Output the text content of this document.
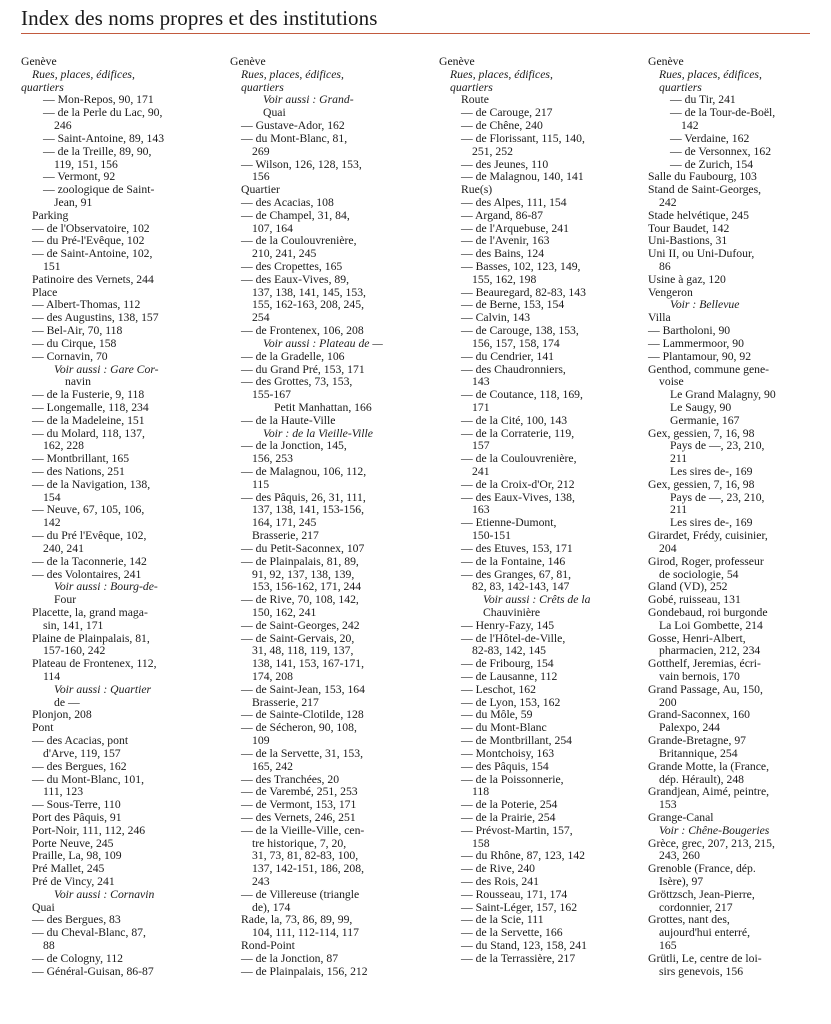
Index des noms propres et des institutions
Genève
Rues, places, édifices,
quartiers
— Mon-Repos, 90, 171
— de la Perle du Lac, 90,
246
— Saint-Antoine, 89, 143
— de la Treille, 89, 90,
119, 151, 156
— Vermont, 92
— zoologique de Saint-
Jean, 91
Parking
— de l'Observatoire, 102
— du Pré-l'Evêque, 102
— de Saint-Antoine, 102,
151
Patinoire des Vernets, 244
Place
— Albert-Thomas, 112
— des Augustins, 138, 157
— Bel-Air, 70, 118
— du Cirque, 158
— Cornavin, 70
Voir aussi : Gare Cor-
navin
— de la Fusterie, 9, 118
— Longemalle, 118, 234
— de la Madeleine, 151
— du Molard, 118, 137,
162, 228
— Montbrillant, 165
— des Nations, 251
— de la Navigation, 138,
154
— Neuve, 67, 105, 106,
142
— du Pré l'Evêque, 102,
240, 241
— de la Taconnerie, 142
— des Volontaires, 241
Voir aussi : Bourg-de-
Four
Placette, la, grand maga-
sin, 141, 171
Plaine de Plainpalais, 81,
157-160, 242
Plateau de Frontenex, 112,
114
Voir aussi : Quartier
de —
Plonjon, 208
Pont
— des Acacias, pont
d'Arve, 119, 157
— des Bergues, 162
— du Mont-Blanc, 101,
111, 123
— Sous-Terre, 110
Port des Pâquis, 91
Port-Noir, 111, 112, 246
Porte Neuve, 245
Praille, La, 98, 109
Pré Mallet, 245
Pré de Vincy, 241
Voir aussi : Cornavin
Quai
— des Bergues, 83
— du Cheval-Blanc, 87,
88
— de Cologny, 112
— Général-Guisan, 86-87
Genève
Rues, places, édifices,
quartiers
Voir aussi : Grand-
Quai
— Gustave-Ador, 162
— du Mont-Blanc, 81,
269
— Wilson, 126, 128, 153,
156
Quartier
— des Acacias, 108
— de Champel, 31, 84,
107, 164
— de la Coulouvrenière,
210, 241, 245
— des Cropettes, 165
— des Eaux-Vives, 89,
137, 138, 141, 145, 153,
155, 162-163, 208, 245,
254
— de Frontenex, 106, 208
Voir aussi : Plateau de —
— de la Gradelle, 106
— du Grand Pré, 153, 171
— des Grottes, 73, 153,
155-167
Petit Manhattan, 166
— de la Haute-Ville
Voir : de la Vieille-Ville
— de la Jonction, 145,
156, 253
— de Malagnou, 106, 112,
115
— des Pâquis, 26, 31, 111,
137, 138, 141, 153-156,
164, 171, 245
Brasserie, 217
— du Petit-Saconnex, 107
— de Plainpalais, 81, 89,
91, 92, 137, 138, 139,
153, 156-162, 171, 244
— de Rive, 70, 108, 142,
150, 162, 241
— de Saint-Georges, 242
— de Saint-Gervais, 20,
31, 48, 118, 119, 137,
138, 141, 153, 167-171,
174, 208
— de Saint-Jean, 153, 164
Brasserie, 217
— de Sainte-Clotilde, 128
— de Sécheron, 90, 108,
109
— de la Servette, 31, 153,
165, 242
— des Tranchées, 20
— de Varembé, 251, 253
— de Vermont, 153, 171
— des Vernets, 246, 251
— de la Vieille-Ville, cen-
tre historique, 7, 20,
31, 73, 81, 82-83, 100,
137, 142-151, 186, 208,
243
— de Villereuse (triangle
de), 174
Rade, la, 73, 86, 89, 99,
104, 111, 112-114, 117
Rond-Point
— de la Jonction, 87
— de Plainpalais, 156, 212
Genève
Rues, places, édifices,
quartiers
Route
— de Carouge, 217
— de Chêne, 240
— de Florissant, 115, 140,
251, 252
— des Jeunes, 110
— de Malagnou, 140, 141
Rue(s)
— des Alpes, 111, 154
— Argand, 86-87
— de l'Arquebuse, 241
— de l'Avenir, 163
— des Bains, 124
— Basses, 102, 123, 149,
155, 162, 198
— Beauregard, 82-83, 143
— de Berne, 153, 154
— Calvin, 143
— de Carouge, 138, 153,
156, 157, 158, 174
— du Cendrier, 141
— des Chaudronniers,
143
— de Coutance, 118, 169,
171
— de la Cité, 100, 143
— de la Corraterie, 119,
157
— de la Coulouvrenière,
241
— de la Croix-d'Or, 212
— des Eaux-Vives, 138,
163
— Etienne-Dumont,
150-151
— des Etuves, 153, 171
— de la Fontaine, 146
— des Granges, 67, 81,
82, 83, 142-143, 147
Voir aussi : Crêts de la
Chauvinière
— Henry-Fazy, 145
— de l'Hôtel-de-Ville,
82-83, 142, 145
— de Fribourg, 154
— de Lausanne, 112
— Leschot, 162
— de Lyon, 153, 162
— du Môle, 59
— du Mont-Blanc
— de Montbrillant, 254
— Montchoisy, 163
— des Pâquis, 154
— de la Poissonnerie,
118
— de la Poterie, 254
— de la Prairie, 254
— Prévost-Martin, 157,
158
— du Rhône, 87, 123, 142
— de Rive, 240
— des Rois, 241
— Rousseau, 171, 174
— Saint-Léger, 157, 162
— de la Scie, 111
— de la Servette, 166
— du Stand, 123, 158, 241
— de la Terrassière, 217
Genève
Rues, places, édifices,
quartiers
— du Tir, 241
— de la Tour-de-Boël,
142
— Verdaine, 162
— de Versonnex, 162
— de Zurich, 154
Salle du Faubourg, 103
Stand de Saint-Georges,
242
Stade helvétique, 245
Tour Baudet, 142
Uni-Bastions, 31
Uni II, ou Uni-Dufour,
86
Usine à gaz, 120
Vengeron
Voir : Bellevue
Villa
— Bartholoni, 90
— Lammermoor, 90
— Plantamour, 90, 92
Genthod, commune gene-
voise
Le Grand Malagny, 90
Le Saugy, 90
Germanie, 167
Gex, gessien, 7, 16, 98
Pays de —, 23, 210,
211
Les sires de-, 169
Gex, gessien, 7, 16, 98
Pays de —, 23, 210,
211
Les sires de-, 169
Girardet, Frédy, cuisinier,
204
Girod, Roger, professeur
de sociologie, 54
Gland (VD), 252
Gobé, ruisseau, 131
Gondebaud, roi burgonde
La Loi Gombette, 214
Gosse, Henri-Albert,
pharmacien, 212, 234
Gotthelf, Jeremias, écri-
vain bernois, 170
Grand Passage, Au, 150,
200
Grand-Saconnex, 160
Palexpo, 244
Grande-Bretagne, 97
Britannique, 254
Grande Motte, la (France,
dép. Hérault), 248
Grandjean, Aimé, peintre,
153
Grange-Canal
Voir : Chêne-Bougeries
Grèce, grec, 207, 213, 215,
243, 260
Grenoble (France, dép.
Isère), 97
Gröttzsch, Jean-Pierre,
cordonnier, 217
Grottes, nant des,
aujourd'hui enterré,
165
Grütli, Le, centre de loi-
sirs genevois, 156
